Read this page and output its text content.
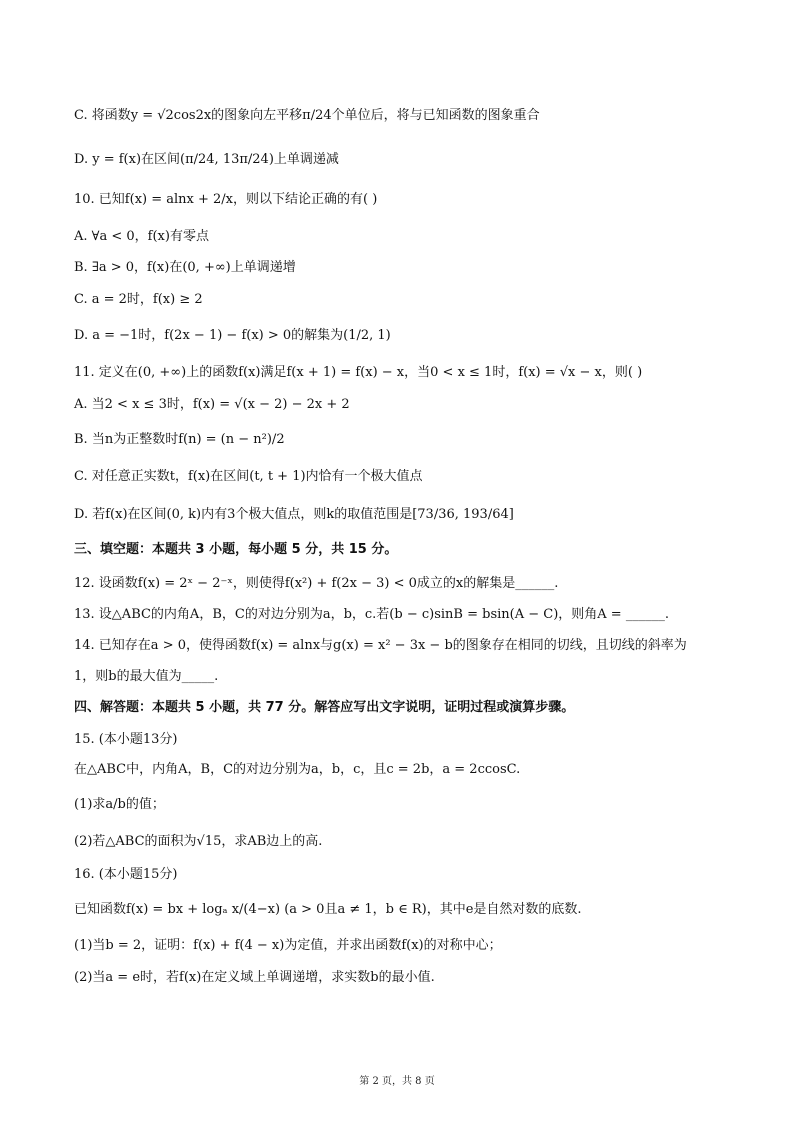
C. 将函数y = √2cos2x的图象向左平移π/24个单位后，将与已知函数的图象重合
D. y = f(x)在区间(π/24, 13π/24)上单调递减
10. 已知f(x) = alnx + 2/x，则以下结论正确的有( )
A. ∀a < 0，f(x)有零点
B. ∃a > 0，f(x)在(0, +∞)上单调递增
C. a = 2时，f(x) ≥ 2
D. a = −1时，f(2x − 1) − f(x) > 0的解集为(1/2, 1)
11. 定义在(0, +∞)上的函数f(x)满足f(x + 1) = f(x) − x，当0 < x ≤ 1时，f(x) = √x − x，则( )
A. 当2 < x ≤ 3时，f(x) = √(x − 2) − 2x + 2
B. 当n为正整数时f(n) = (n − n²)/2
C. 对任意正实数t，f(x)在区间(t, t + 1)内恰有一个极大值点
D. 若f(x)在区间(0, k)内有3个极大值点，则k的取值范围是[73/36, 193/64]
三、填空题：本题共 3 小题，每小题 5 分，共 15 分。
12. 设函数f(x) = 2ˣ − 2⁻ˣ，则使得f(x²) + f(2x − 3) < 0成立的x的解集是______.
13. 设△ABC的内角A，B，C的对边分别为a，b，c.若(b − c)sinB = bsin(A − C)，则角A = ______.
14. 已知存在a > 0，使得函数f(x) = alnx与g(x) = x² − 3x − b的图象存在相同的切线，且切线的斜率为
1，则b的最大值为_____.
四、解答题：本题共 5 小题，共 77 分。解答应写出文字说明，证明过程或演算步骤。
15. (本小题13分)
在△ABC中，内角A，B，C的对边分别为a，b，c，且c = 2b，a = 2ccosC.
(1)求a/b的值；
(2)若△ABC的面积为√15，求AB边上的高.
16. (本小题15分)
已知函数f(x) = bx + logₐ x/(4−x) (a > 0且a ≠ 1，b ∈ R)，其中e是自然对数的底数.
(1)当b = 2，证明：f(x) + f(4 − x)为定值，并求出函数f(x)的对称中心；
(2)当a = e时，若f(x)在定义域上单调递增，求实数b的最小值.
第 2 页，共 8 页
